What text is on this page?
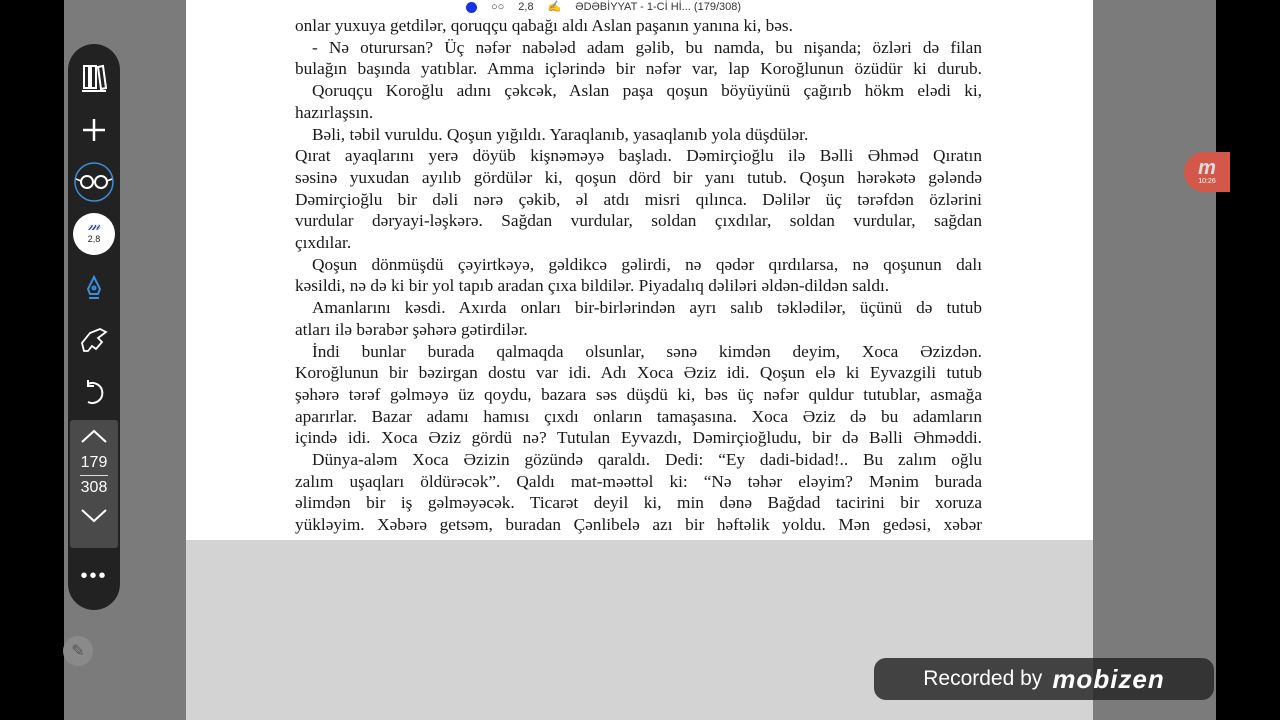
onlar yuxuya getdilər, qoruqçu qabağı aldı Aslan paşanın yanına ki, bəs.
- Nə oturursan? Üç nəfər nabələd adam gəlib, bu namda, bu nişanda; özləri də filan
bulağın başında yatıblar. Amma içlərində bir nəfər var, lap Koroğlunun özüdür ki durub.
Qoruqçu Koroğlu adını çəkcək, Aslan paşa qoşun böyüyünü çağırıb hökm elədi ki,
hazırlaşsın.
Bəli, təbil vuruldu. Qoşun yığıldı. Yaraqlanıb, yasaqlanıb yola düşdülər.
Qırat ayaqlarını yerə döyüb kişnəməyə başladı. Dəmirçioğlu ilə Bəlli Əhməd Qıratın
səsinə yuxudan ayılıb gördülər ki, qoşun dörd bir yanı tutub. Qoşun hərəkətə gələndə
Dəmirçioğlu bir dəli nərə çəkib, əl atdı misri qılınca. Dəlilər üç tərəfdən özlərini
vurdular dəryayi-ləşkərə. Sağdan vurdular, soldan çıxdılar, soldan vurdular, sağdan
çıxdılar.
Qoşun dönmüşdü çəyirtkəyə, gəldikcə gəlirdi, nə qədər qırdılarsa, nə qoşunun dalı
kəsildi, nə də ki bir yol tapıb aradan çıxa bildilər. Piyadalıq dəliləri əldən-dildən saldı.
Amanlarını kəsdi. Axırda onları bir-birlərindən ayrı salıb təklədilər, üçünü də tutub
atları ilə bərabər şəhərə gətirdilər.
İndi bunlar burada qalmaqda olsunlar, sənə kimdən deyim, Xoca Əzizdən.
Koroğlunun bir bəzirgan dostu var idi. Adı Xoca Əziz idi. Qoşun elə ki Eyvazgili tutub
şəhərə tərəf gəlməyə üz qoydu, bazara səs düşdü ki, bəs üç nəfər quldur tutublar, asmağa
aparırlar. Bazar adamı hamısı çıxdı onların tamaşasına. Xoca Əziz də bu adamların
içində idi. Xoca Əziz gördü nə? Tutulan Eyvazdı, Dəmirçioğludu, bir də Bəlli Əhməddi.
Dünya-aləm Xoca Əzizin gözündə qaraldı. Dedi: “Ey dadi-bidad!.. Bu zalım oğlu
zalım uşaqları öldürəcək”. Qaldı mat-məəttəl ki: “Nə təhər eləyim? Mənim burada
əlimdən bir iş gəlməyəcək. Ticarət deyil ki, min dənə Bağdad tacirini bir xoruza
yükləyim. Xəbərə getsəm, buradan Çənlibelə azı bir həftəlik yoldu. Mən gedəsi, xəbər
○○ 2,8 ✍ ƏDƏBİYYAT - 1-Cİ Hİ... (179/308)
𝓂
2,8
179
308
•••
✎
m
10:26
Recorded by mobizen
